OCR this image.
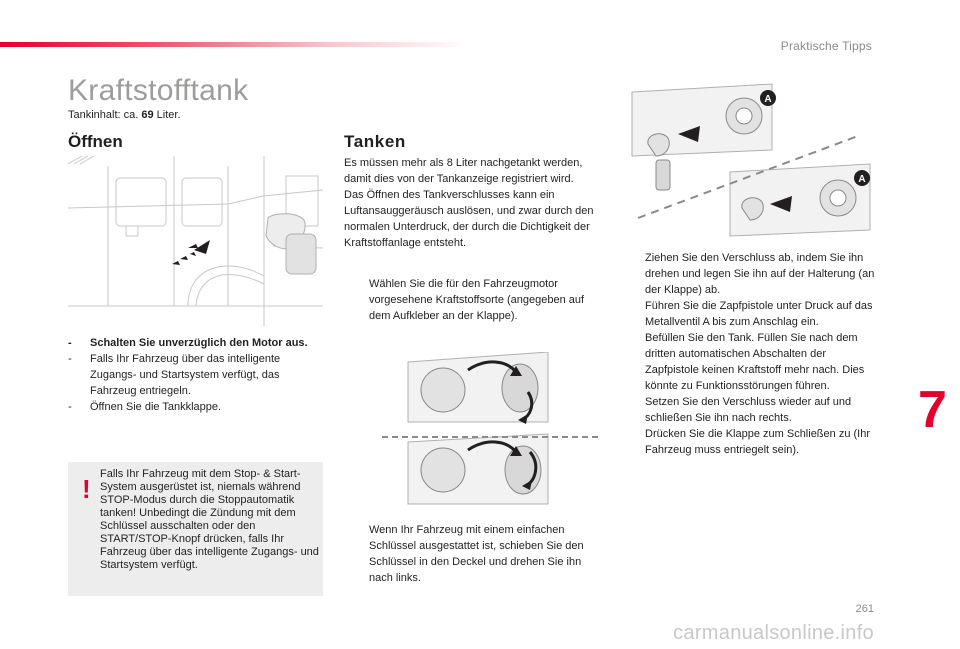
Praktische Tipps
Kraftstofftank
Tankinhalt: ca. 69 Liter.
Öffnen
-	Schalten Sie unverzüglich den Motor aus.
-	Falls Ihr Fahrzeug über das intelligente Zugangs- und Startsystem verfügt, das Fahrzeug entriegeln.
-	Öffnen Sie die Tankklappe.
! Falls Ihr Fahrzeug mit dem Stop- & Start-System ausgerüstet ist, niemals während STOP-Modus durch die Stoppautomatik tanken! Unbedingt die Zündung mit dem Schlüssel ausschalten oder den START/STOP-Knopf drücken, falls Ihr Fahrzeug über das intelligente Zugangs- und Startsystem verfügt.
Tanken
Es müssen mehr als 8 Liter nachgetankt werden, damit dies von der Tankanzeige registriert wird.
Das Öffnen des Tankverschlusses kann ein Luftansauggeräusch auslösen, und zwar durch den normalen Unterdruck, der durch die Dichtigkeit der Kraftstoffanlage entsteht.
Wählen Sie die für den Fahrzeugmotor vorgesehene Kraftstoffsorte (angegeben auf dem Aufkleber an der Klappe).
Wenn Ihr Fahrzeug mit einem einfachen Schlüssel ausgestattet ist, schieben Sie den Schlüssel in den Deckel und drehen Sie ihn nach links.
A
A
Ziehen Sie den Verschluss ab, indem Sie ihn drehen und legen Sie ihn auf der Halterung (an der Klappe) ab.
Führen Sie die Zapfpistole unter Druck auf das Metallventil A bis zum Anschlag ein.
Befüllen Sie den Tank. Füllen Sie nach dem dritten automatischen Abschalten der Zapfpistole keinen Kraftstoff mehr nach. Dies könnte zu Funktionsstörungen führen.
Setzen Sie den Verschluss wieder auf und schließen Sie ihn nach rechts.
Drücken Sie die Klappe zum Schließen zu (Ihr Fahrzeug muss entriegelt sein).
7
261
carmanualsonline.info
